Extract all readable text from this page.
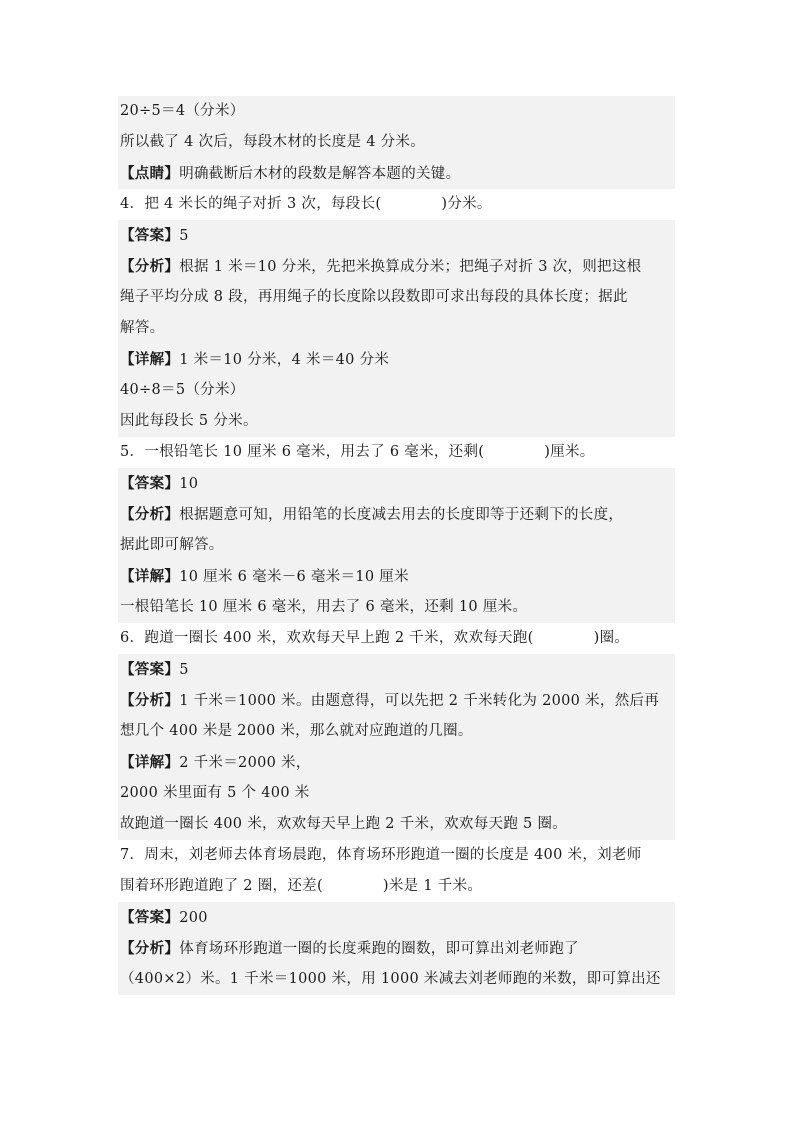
20÷5＝4（分米）
所以截了 4 次后，每段木材的长度是 4 分米。
【点睛】明确截断后木材的段数是解答本题的关键。
4．把 4 米长的绳子对折 3 次，每段长(	)分米。
【答案】5
【分析】根据 1 米＝10 分米，先把米换算成分米；把绳子对折 3 次，则把这根
绳子平均分成 8 段，再用绳子的长度除以段数即可求出每段的具体长度；据此
解答。
【详解】1 米＝10 分米，4 米＝40 分米
40÷8＝5（分米）
因此每段长 5 分米。
5．一根铅笔长 10 厘米 6 毫米，用去了 6 毫米，还剩(	)厘米。
【答案】10
【分析】根据题意可知，用铅笔的长度减去用去的长度即等于还剩下的长度，
据此即可解答。
【详解】10 厘米 6 毫米－6 毫米＝10 厘米
一根铅笔长 10 厘米 6 毫米，用去了 6 毫米，还剩 10 厘米。
6．跑道一圈长 400 米，欢欢每天早上跑 2 千米，欢欢每天跑(	)圈。
【答案】5
【分析】1 千米＝1000 米。由题意得，可以先把 2 千米转化为 2000 米，然后再
想几个 400 米是 2000 米，那么就对应跑道的几圈。
【详解】2 千米＝2000 米，
2000 米里面有 5 个 400 米
故跑道一圈长 400 米，欢欢每天早上跑 2 千米，欢欢每天跑 5 圈。
7．周末，刘老师去体育场晨跑，体育场环形跑道一圈的长度是 400 米，刘老师
围着环形跑道跑了 2 圈，还差(	)米是 1 千米。
【答案】200
【分析】体育场环形跑道一圈的长度乘跑的圈数，即可算出刘老师跑了
（400×2）米。1 千米＝1000 米，用 1000 米减去刘老师跑的米数，即可算出还
